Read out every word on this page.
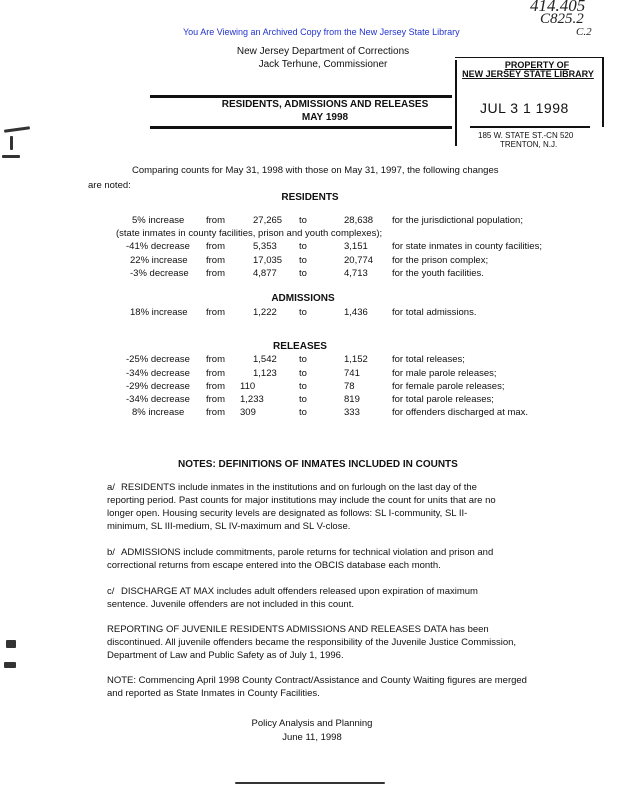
You Are Viewing an Archived Copy from the New Jersey State Library
414.405
C825.2
C.2
New Jersey Department of Corrections
Jack Terhune, Commissioner
RESIDENTS, ADMISSIONS AND RELEASES
MAY 1998
PROPERTY OF
NEW JERSEY STATE LIBRARY
JUL 3 1 1998
185 W. STATE ST.-CN 520
TRENTON, N.J.
Comparing counts for May 31, 1998 with those on May 31, 1997, the following changes
are noted:
RESIDENTS
5% increase from	27,265 to	28,638 for the jurisdictional population;
(state inmates in county facilities, prison and youth complexes);
-41% decrease from	5,353 to	3,151	for state inmates in county facilities;
22% increase from	17,035 to	20,774 for the prison complex;
-3% decrease from	4,877 to	4,713	for the youth facilities.
ADMISSIONS
18% increase from	1,222 to	1,436	for total admissions.
RELEASES
-25% decrease from	1,542 to	1,152	for total releases;
-34% decrease from	1,123 to	741	for male parole releases;
-29% decrease from 110	to	78	for female parole releases;
-34% decrease from 1,233	to	819	for total parole releases;
8% increase from 309	to	333	for offenders discharged at max.
NOTES: DEFINITIONS OF INMATES INCLUDED IN COUNTS
a/ RESIDENTS include inmates in the institutions and on furlough on the last day of the reporting period. Past counts for major institutions may include the count for units that are no longer open. Housing security levels are designated as follows: SL I-community, SL II-minimum, SL III-medium, SL IV-maximum and SL V-close.
b/ ADMISSIONS include commitments, parole returns for technical violation and prison and correctional returns from escape entered into the OBCIS database each month.
c/ DISCHARGE AT MAX includes adult offenders released upon expiration of maximum sentence. Juvenile offenders are not included in this count.
REPORTING OF JUVENILE RESIDENTS ADMISSIONS AND RELEASES DATA has been discontinued. All juvenile offenders became the responsibility of the Juvenile Justice Commission, Department of Law and Public Safety as of July 1, 1996.
NOTE: Commencing April 1998 County Contract/Assistance and County Waiting figures are merged and reported as State Inmates in County Facilities.
Policy Analysis and Planning
June 11, 1998
